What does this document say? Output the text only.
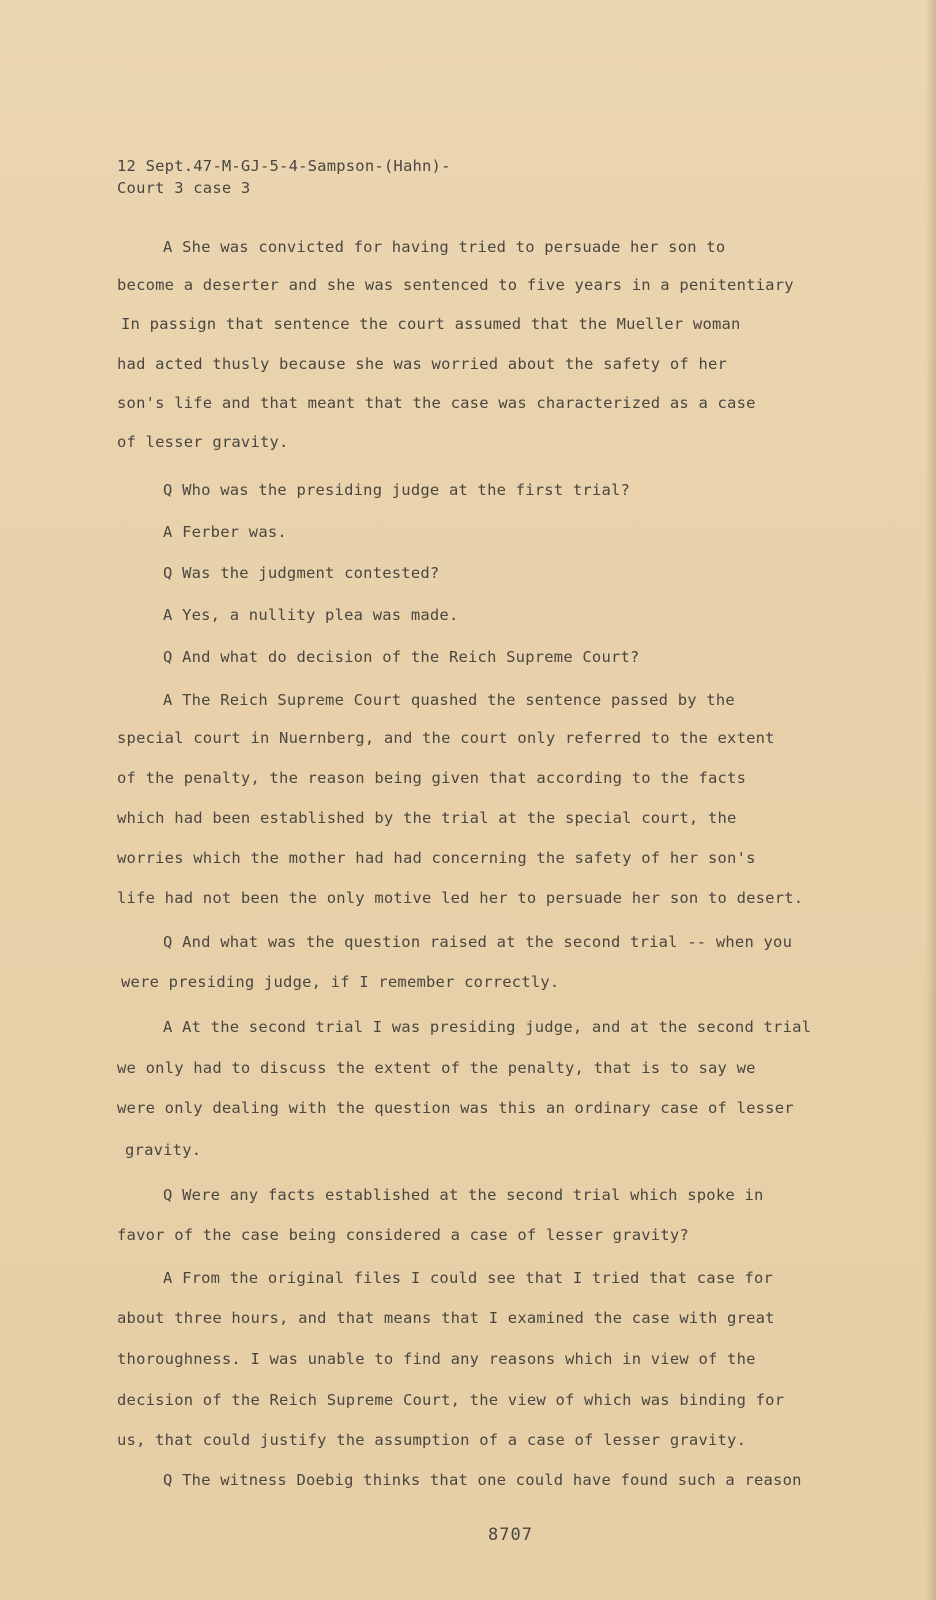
12 Sept.47-M-GJ-5-4-Sampson-(Hahn)-
Court 3 case 3
A She was convicted for having tried to persuade her son to
become a deserter and she was sentenced to five years in a penitentiary
In passign that sentence the court assumed that the Mueller woman
had acted thusly because she was worried about the safety of her
son's life and that meant that the case was characterized as a case
of lesser gravity.
Q Who was the presiding judge at the first trial?
A Ferber was.
Q Was the judgment contested?
A Yes, a nullity plea was made.
Q And what do decision of the Reich Supreme Court?
A The Reich Supreme Court quashed the sentence passed by the
special court in Nuernberg, and the court only referred to the extent
of the penalty, the reason being given that according to the facts
which had been established by the trial at the special court, the
worries which the mother had had concerning the safety of her son's
life had not been the only motive led her to persuade her son to desert.
Q And what was the question raised at the second trial -- when you
were presiding judge, if I remember correctly.
A At the second trial I was presiding judge, and at the second trial
we only had to discuss the extent of the penalty, that is to say we
were only dealing with the question was this an ordinary case of lesser
gravity.
Q Were any facts established at the second trial which spoke in
favor of the case being considered a case of lesser gravity?
A From the original files I could see that I tried that case for
about three hours, and that means that I examined the case with great
thoroughness. I was unable to find any reasons which in view of the
decision of the Reich Supreme Court, the view of which was binding for
us, that could justify the assumption of a case of lesser gravity.
Q The witness Doebig thinks that one could have found such a reason
8707
